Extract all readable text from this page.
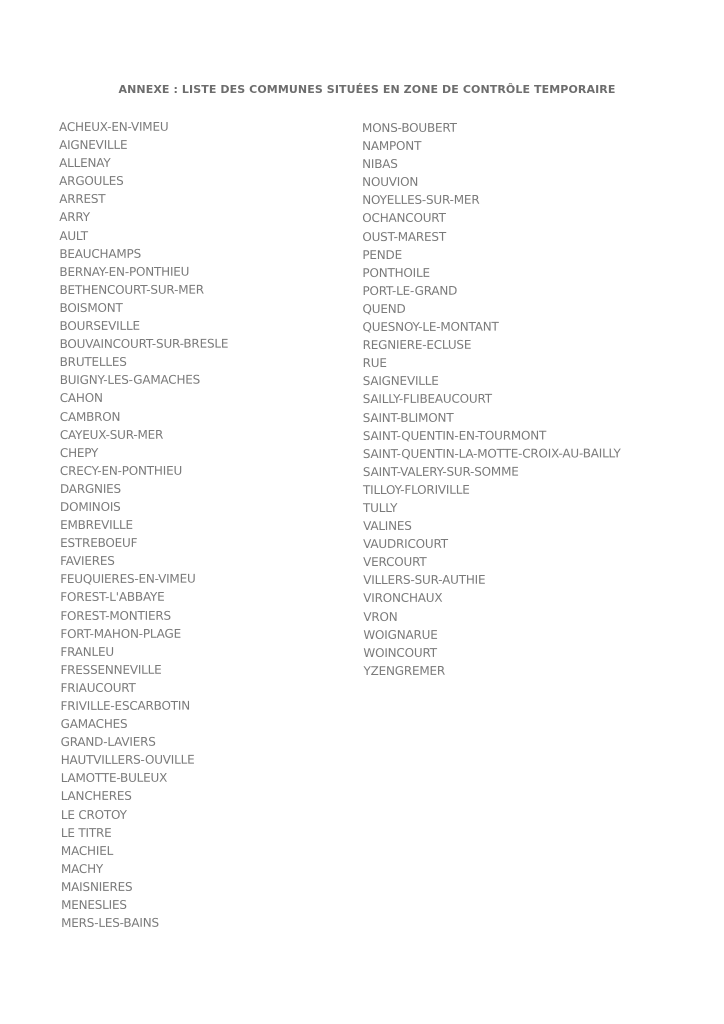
ANNEXE : LISTE DES COMMUNES SITUÉES EN ZONE DE CONTRÔLE TEMPORAIRE
ACHEUX-EN-VIMEU
AIGNEVILLE
ALLENAY
ARGOULES
ARREST
ARRY
AULT
BEAUCHAMPS
BERNAY-EN-PONTHIEU
BETHENCOURT-SUR-MER
BOISMONT
BOURSEVILLE
BOUVAINCOURT-SUR-BRESLE
BRUTELLES
BUIGNY-LES-GAMACHES
CAHON
CAMBRON
CAYEUX-SUR-MER
CHEPY
CRECY-EN-PONTHIEU
DARGNIES
DOMINOIS
EMBREVILLE
ESTREBOEUF
FAVIERES
FEUQUIERES-EN-VIMEU
FOREST-L'ABBAYE
FOREST-MONTIERS
FORT-MAHON-PLAGE
FRANLEU
FRESSENNEVILLE
FRIAUCOURT
FRIVILLE-ESCARBOTIN
GAMACHES
GRAND-LAVIERS
HAUTVILLERS-OUVILLE
LAMOTTE-BULEUX
LANCHERES
LE CROTOY
LE TITRE
MACHIEL
MACHY
MAISNIERES
MENESLIES
MERS-LES-BAINS
MONS-BOUBERT
NAMPONT
NIBAS
NOUVION
NOYELLES-SUR-MER
OCHANCOURT
OUST-MAREST
PENDE
PONTHOILE
PORT-LE-GRAND
QUEND
QUESNOY-LE-MONTANT
REGNIERE-ECLUSE
RUE
SAIGNEVILLE
SAILLY-FLIBEAUCOURT
SAINT-BLIMONT
SAINT-QUENTIN-EN-TOURMONT
SAINT-QUENTIN-LA-MOTTE-CROIX-AU-BAILLY
SAINT-VALERY-SUR-SOMME
TILLOY-FLORIVILLE
TULLY
VALINES
VAUDRICOURT
VERCOURT
VILLERS-SUR-AUTHIE
VIRONCHAUX
VRON
WOIGNARUE
WOINCOURT
YZENGREMER
